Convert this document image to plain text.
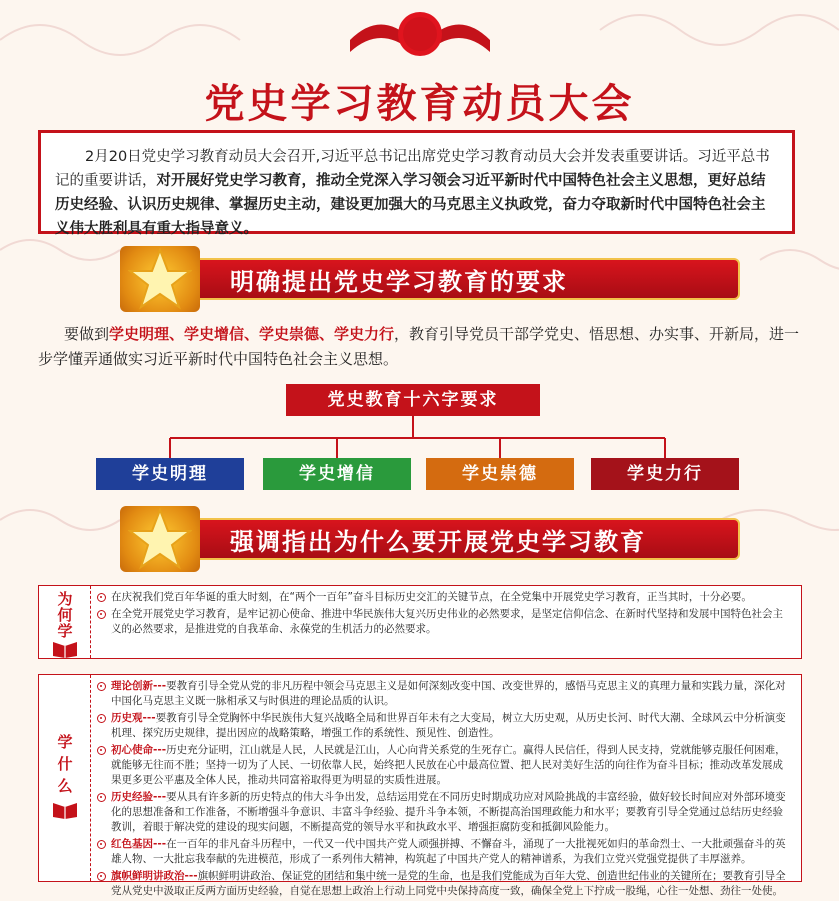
党史学习教育动员大会
2月20日党史学习教育动员大会召开,习近平总书记出席党史学习教育动员大会并发表重要讲话。习近平总书记的重要讲话，对开展好党史学习教育，推动全党深入学习领会习近平新时代中国特色社会主义思想，更好总结历史经验、认识历史规律、掌握历史主动，建设更加强大的马克思主义执政党，奋力夺取新时代中国特色社会主义伟大胜利具有重大指导意义。
明确提出党史学习教育的要求
要做到学史明理、学史增信、学史崇德、学史力行，教育引导党员干部学党史、悟思想、办实事、开新局，进一步学懂弄通做实习近平新时代中国特色社会主义思想。
党史教育十六字要求
学史明理	学史增信	学史崇德	学史力行
强调指出为什么要开展党史学习教育
为
何
学
在庆祝我们党百年华诞的重大时刻，在“两个一百年”奋斗目标历史交汇的关键节点，在全党集中开展党史学习教育，正当其时，十分必要。
在全党开展党史学习教育，是牢记初心使命、推进中华民族伟大复兴历史伟业的必然要求，是坚定信仰信念、在新时代坚持和发展中国特色社会主义的必然要求，是推进党的自我革命、永葆党的生机活力的必然要求。
学
什
么
理论创新---要教育引导全党从党的非凡历程中领会马克思主义是如何深刻改变中国、改变世界的，感悟马克思主义的真理力量和实践力量，深化对中国化马克思主义既一脉相承又与时俱进的理论品质的认识。
历史观---要教育引导全党胸怀中华民族伟大复兴战略全局和世界百年未有之大变局，树立大历史观，从历史长河、时代大潮、全球风云中分析演变机理、探究历史规律，提出因应的战略策略，增强工作的系统性、预见性、创造性。
初心使命---历史充分证明，江山就是人民，人民就是江山，人心向背关系党的生死存亡。赢得人民信任，得到人民支持，党就能够克服任何困难，就能够无往而不胜；坚持一切为了人民、一切依靠人民，始终把人民放在心中最高位置、把人民对美好生活的向往作为奋斗目标；推动改革发展成果更多更公平惠及全体人民，推动共同富裕取得更为明显的实质性进展。
历史经验---要从具有许多新的历史特点的伟大斗争出发，总结运用党在不同历史时期成功应对风险挑战的丰富经验，做好较长时间应对外部环境变化的思想准备和工作准备，不断增强斗争意识、丰富斗争经验、提升斗争本领，不断提高治国理政能力和水平；要教育引导全党通过总结历史经验教训，着眼于解决党的建设的现实问题，不断提高党的领导水平和执政水平、增强拒腐防变和抵御风险能力。
红色基因---在一百年的非凡奋斗历程中，一代又一代中国共产党人顽强拼搏、不懈奋斗，涌现了一大批视死如归的革命烈士、一大批顽强奋斗的英雄人物、一大批忘我奉献的先进模范，形成了一系列伟大精神，构筑起了中国共产党人的精神谱系，为我们立党兴党强党提供了丰厚滋养。
旗帜鲜明讲政治---旗帜鲜明讲政治、保证党的团结和集中统一是党的生命，也是我们党能成为百年大党、创造世纪伟业的关键所在；要教育引导全党从党史中汲取正反两方面历史经验，自觉在思想上政治上行动上同党中央保持高度一致，确保全党上下拧成一股绳，心往一处想、劲往一处使。
